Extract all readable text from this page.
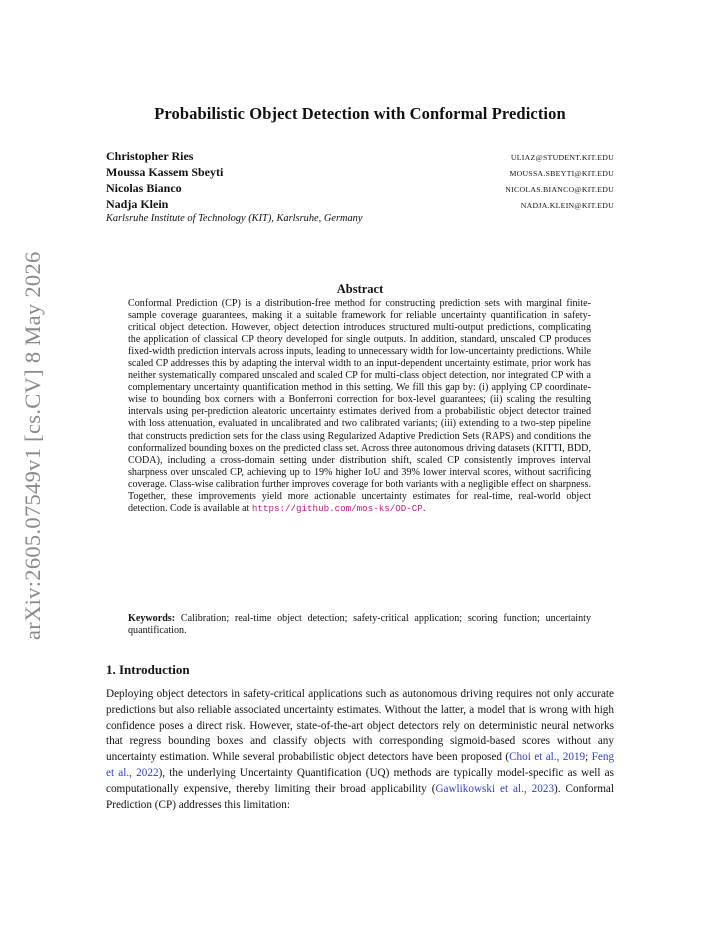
arXiv:2605.07549v1 [cs.CV] 8 May 2026
Probabilistic Object Detection with Conformal Prediction
Christopher Ries	ULIAZ@STUDENT.KIT.EDU
Moussa Kassem Sbeyti	MOUSSA.SBEYTI@KIT.EDU
Nicolas Bianco	NICOLAS.BIANCO@KIT.EDU
Nadja Klein	NADJA.KLEIN@KIT.EDU
Karlsruhe Institute of Technology (KIT), Karlsruhe, Germany
Abstract
Conformal Prediction (CP) is a distribution-free method for constructing prediction sets with marginal finite-sample coverage guarantees, making it a suitable framework for reliable uncertainty quantification in safety-critical object detection. However, object detection introduces structured multi-output predictions, complicating the application of classical CP theory developed for single outputs. In addition, standard, unscaled CP produces fixed-width prediction intervals across inputs, leading to unnecessary width for low-uncertainty predictions. While scaled CP addresses this by adapting the interval width to an input-dependent uncertainty estimate, prior work has neither systematically compared unscaled and scaled CP for multi-class object detection, nor integrated CP with a complementary uncertainty quantification method in this setting. We fill this gap by: (i) applying CP coordinate-wise to bounding box corners with a Bonferroni correction for box-level guarantees; (ii) scaling the resulting intervals using per-prediction aleatoric uncertainty estimates derived from a probabilistic object detector trained with loss attenuation, evaluated in uncalibrated and two calibrated variants; (iii) extending to a two-step pipeline that constructs prediction sets for the class using Regularized Adaptive Prediction Sets (RAPS) and conditions the conformalized bounding boxes on the predicted class set. Across three autonomous driving datasets (KITTI, BDD, CODA), including a cross-domain setting under distribution shift, scaled CP consistently improves interval sharpness over unscaled CP, achieving up to 19% higher IoU and 39% lower interval scores, without sacrificing coverage. Class-wise calibration further improves coverage for both variants with a negligible effect on sharpness. Together, these improvements yield more actionable uncertainty estimates for real-time, real-world object detection. Code is available at https://github.com/mos-ks/OD-CP.
Keywords: Calibration; real-time object detection; safety-critical application; scoring function; uncertainty quantification.
1. Introduction
Deploying object detectors in safety-critical applications such as autonomous driving requires not only accurate predictions but also reliable associated uncertainty estimates. Without the latter, a model that is wrong with high confidence poses a direct risk. However, state-of-the-art object detectors rely on deterministic neural networks that regress bounding boxes and classify objects with corresponding sigmoid-based scores without any uncertainty estimation. While several probabilistic object detectors have been proposed (Choi et al., 2019; Feng et al., 2022), the underlying Uncertainty Quantification (UQ) methods are typically model-specific as well as computationally expensive, thereby limiting their broad applicability (Gawlikowski et al., 2023). Conformal Prediction (CP) addresses this limitation:
